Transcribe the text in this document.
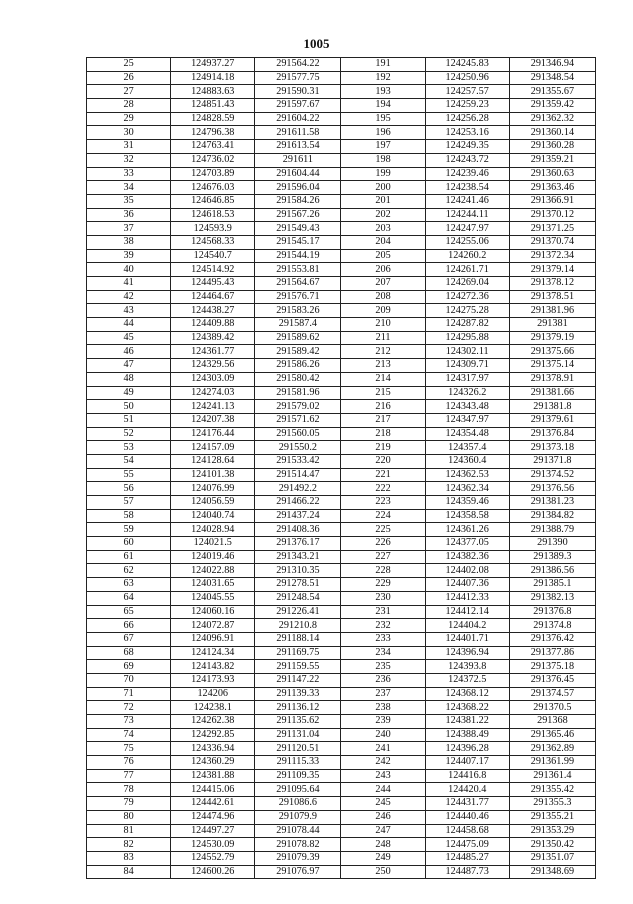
1005
25	124937.27	291564.22	191	124245.83	291346.94
26	124914.18	291577.75	192	124250.96	291348.54
27	124883.63	291590.31	193	124257.57	291355.67
28	124851.43	291597.67	194	124259.23	291359.42
29	124828.59	291604.22	195	124256.28	291362.32
30	124796.38	291611.58	196	124253.16	291360.14
31	124763.41	291613.54	197	124249.35	291360.28
32	124736.02	291611	198	124243.72	291359.21
33	124703.89	291604.44	199	124239.46	291360.63
34	124676.03	291596.04	200	124238.54	291363.46
35	124646.85	291584.26	201	124241.46	291366.91
36	124618.53	291567.26	202	124244.11	291370.12
37	124593.9	291549.43	203	124247.97	291371.25
38	124568.33	291545.17	204	124255.06	291370.74
39	124540.7	291544.19	205	124260.2	291372.34
40	124514.92	291553.81	206	124261.71	291379.14
41	124495.43	291564.67	207	124269.04	291378.12
42	124464.67	291576.71	208	124272.36	291378.51
43	124438.27	291583.26	209	124275.28	291381.96
44	124409.88	291587.4	210	124287.82	291381
45	124389.42	291589.62	211	124295.88	291379.19
46	124361.77	291589.42	212	124302.11	291375.66
47	124329.56	291586.26	213	124309.71	291375.14
48	124303.09	291580.42	214	124317.97	291378.91
49	124274.03	291581.96	215	124326.2	291381.66
50	124241.13	291579.02	216	124343.48	291381.8
51	124207.38	291571.62	217	124347.97	291379.61
52	124176.44	291560.05	218	124354.48	291376.84
53	124157.09	291550.2	219	124357.4	291373.18
54	124128.64	291533.42	220	124360.4	291371.8
55	124101.38	291514.47	221	124362.53	291374.52
56	124076.99	291492.2	222	124362.34	291376.56
57	124056.59	291466.22	223	124359.46	291381.23
58	124040.74	291437.24	224	124358.58	291384.82
59	124028.94	291408.36	225	124361.26	291388.79
60	124021.5	291376.17	226	124377.05	291390
61	124019.46	291343.21	227	124382.36	291389.3
62	124022.88	291310.35	228	124402.08	291386.56
63	124031.65	291278.51	229	124407.36	291385.1
64	124045.55	291248.54	230	124412.33	291382.13
65	124060.16	291226.41	231	124412.14	291376.8
66	124072.87	291210.8	232	124404.2	291374.8
67	124096.91	291188.14	233	124401.71	291376.42
68	124124.34	291169.75	234	124396.94	291377.86
69	124143.82	291159.55	235	124393.8	291375.18
70	124173.93	291147.22	236	124372.5	291376.45
71	124206	291139.33	237	124368.12	291374.57
72	124238.1	291136.12	238	124368.22	291370.5
73	124262.38	291135.62	239	124381.22	291368
74	124292.85	291131.04	240	124388.49	291365.46
75	124336.94	291120.51	241	124396.28	291362.89
76	124360.29	291115.33	242	124407.17	291361.99
77	124381.88	291109.35	243	124416.8	291361.4
78	124415.06	291095.64	244	124420.4	291355.42
79	124442.61	291086.6	245	124431.77	291355.3
80	124474.96	291079.9	246	124440.46	291355.21
81	124497.27	291078.44	247	124458.68	291353.29
82	124530.09	291078.82	248	124475.09	291350.42
83	124552.79	291079.39	249	124485.27	291351.07
84	124600.26	291076.97	250	124487.73	291348.69
